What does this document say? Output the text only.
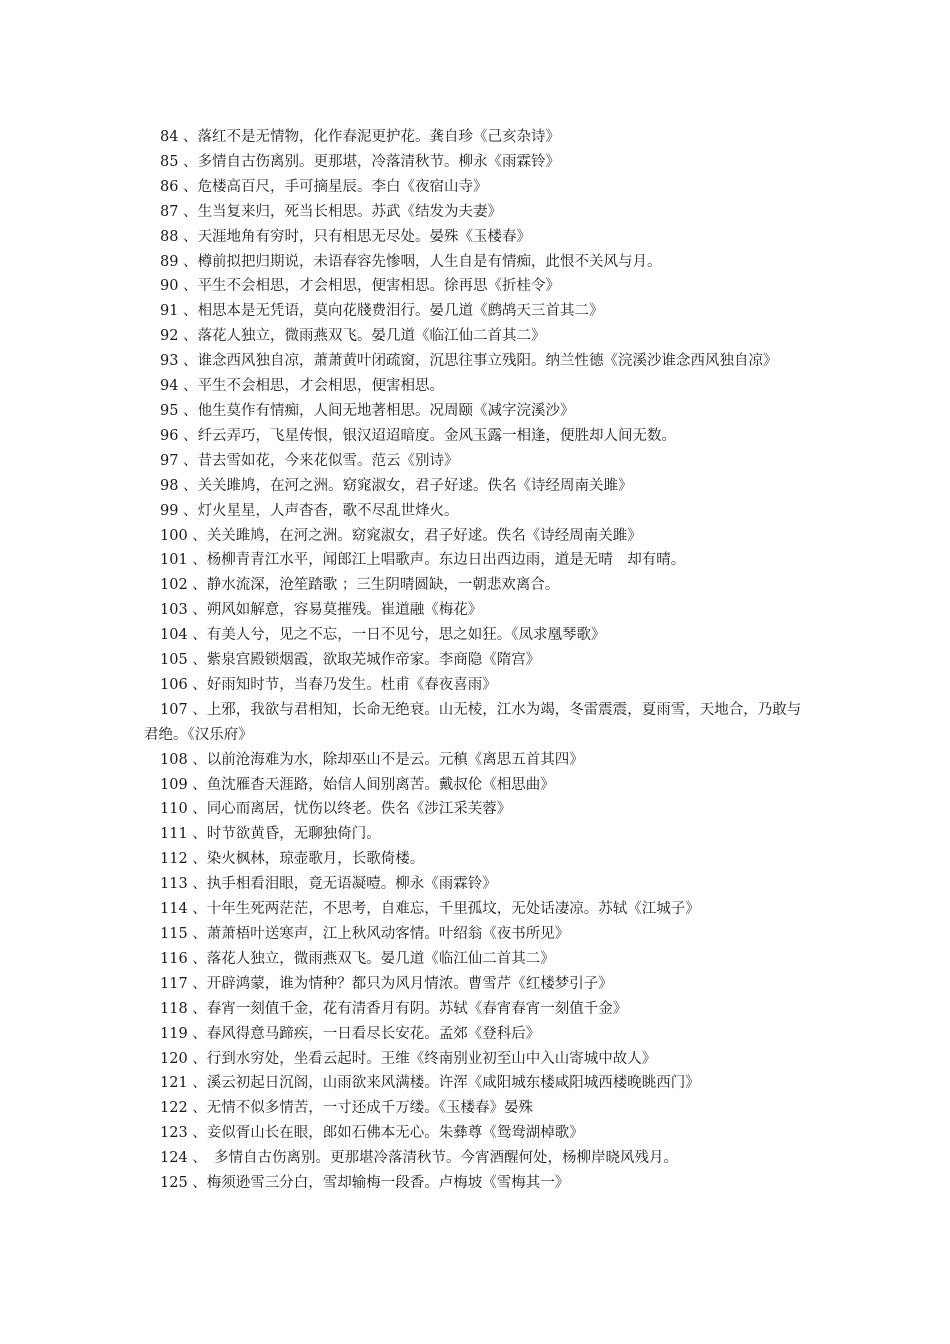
84 、落红不是无情物，化作春泥更护花。龚自珍《己亥杂诗》

85 、多情自古伤离别。更那堪，冷落清秋节。柳永《雨霖铃》

86 、危楼高百尺，手可摘星辰。李白《夜宿山寺》

87 、生当复来归，死当长相思。苏武《结发为夫妻》

88 、天涯地角有穷时，只有相思无尽处。晏殊《玉楼春》

89 、樽前拟把归期说，未语春容先惨咽，人生自是有情痴，此恨不关风与月。

90 、平生不会相思，才会相思，便害相思。徐再思《折桂令》

91 、相思本是无凭语，莫向花牋费泪行。晏几道《鹧鸪天三首其二》

92 、落花人独立，微雨燕双飞。晏几道《临江仙二首其二》

93 、谁念西风独自凉，萧萧黄叶闭疏窗，沉思往事立残阳。纳兰性德《浣溪沙谁念西风独自凉》

94 、平生不会相思，才会相思，便害相思。

95 、他生莫作有情痴，人间无地著相思。况周颐《减字浣溪沙》

96 、纤云弄巧，飞星传恨，银汉迢迢暗度。金风玉露一相逢，便胜却人间无数。

97 、昔去雪如花，今来花似雪。范云《别诗》

98 、关关雎鸠，在河之洲。窈窕淑女，君子好逑。佚名《诗经周南关雎》

99 、灯火星星，人声杳杳，歌不尽乱世烽火。

100 、关关雎鸠，在河之洲。窈窕淑女，君子好逑。佚名《诗经周南关雎》

101 、杨柳青青江水平，闻郎江上唱歌声。东边日出西边雨，道是无晴　却有晴。

102 、静水流深，沧笙踏歌 ；三生阴晴圆缺，一朝悲欢离合。

103 、朔风如解意，容易莫摧残。崔道融《梅花》

104 、有美人兮，见之不忘，一日不见兮，思之如狂。《凤求凰琴歌》

105 、紫泉宫殿锁烟霞，欲取芜城作帝家。李商隐《隋宫》

106 、好雨知时节，当春乃发生。杜甫《春夜喜雨》

107 、上邪，我欲与君相知，长命无绝衰。山无棱，江水为竭，冬雷震震，夏雨雪，天地合，乃敢与君绝。《汉乐府》

108 、以前沧海难为水，除却巫山不是云。元稹《离思五首其四》

109 、鱼沈雁杳天涯路，始信人间别离苦。戴叔伦《相思曲》

110 、同心而离居，忧伤以终老。佚名《涉江采芙蓉》

111 、时节欲黄昏，无聊独倚门。

112 、染火枫林，琼壶歌月，长歌倚楼。

113 、执手相看泪眼，竟无语凝噎。柳永《雨霖铃》

114 、十年生死两茫茫，不思考，自难忘，千里孤坟，无处话凄凉。苏轼《江城子》

115 、萧萧梧叶送寒声，江上秋风动客情。叶绍翁《夜书所见》

116 、落花人独立，微雨燕双飞。晏几道《临江仙二首其二》

117 、开辟鸿蒙，谁为情种？都只为风月情浓。曹雪芹《红楼梦引子》

118 、春宵一刻值千金，花有清香月有阴。苏轼《春宵春宵一刻值千金》

119 、春风得意马蹄疾，一日看尽长安花。孟郊《登科后》

120 、行到水穷处，坐看云起时。王维《终南别业初至山中入山寄城中故人》

121 、溪云初起日沉阁，山雨欲来风满楼。许浑《咸阳城东楼咸阳城西楼晚眺西门》

122 、无情不似多情苦，一寸还成千万缕。《玉楼春》晏殊

123 、妾似胥山长在眼，郎如石佛本无心。朱彝尊《鸳鸯湖棹歌》

124 、　多情自古伤离别。更那堪冷落清秋节。今宵酒醒何处，杨柳岸晓风残月。

125 、梅须逊雪三分白，雪却输梅一段香。卢梅坡《雪梅其一》
